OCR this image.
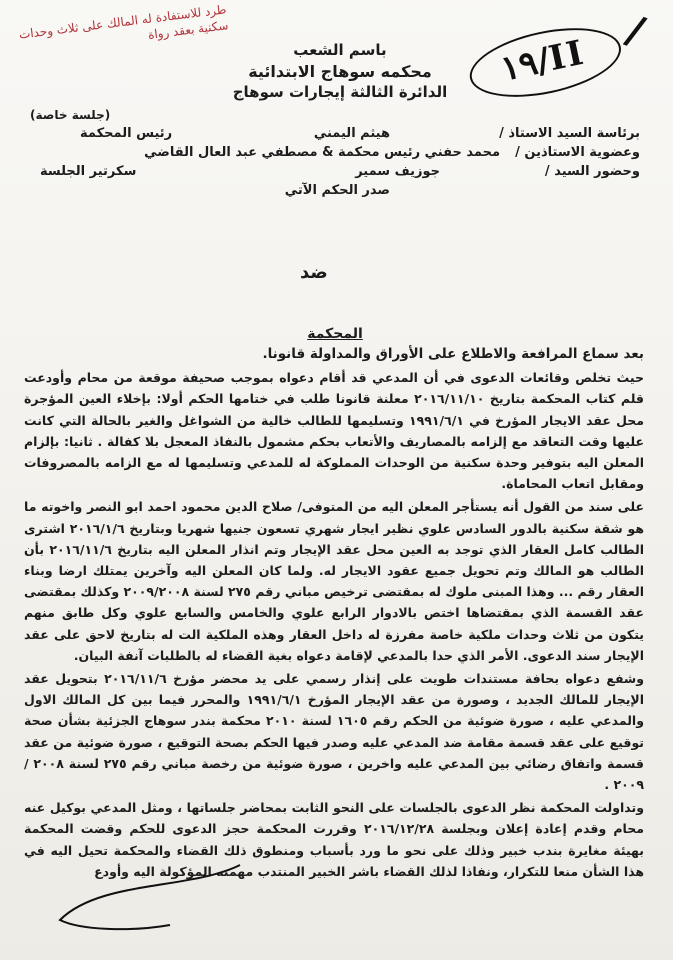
طرد للاستفادة له المالك على ثلاث وحدات سكنية بعقد رواة
١٩/II
/
باسم الشعب
محكمه سوهاج الابتدائية
الدائرة الثالثة إيجارات سوهاج
(جلسة خاصة)
برئاسة السيد الاستاذ /
هيثم اليمني
رئيس المحكمة
وعضوية الاستاذين /
محمد حفني رئيس محكمة & مصطفي عبد العال القاضي
وحضور السيد /
جوزيف سمير
سكرتير الجلسة
صدر الحكم الآتي
ضد
المحكمة

بعد سماع المرافعة والاطلاع على الأوراق والمداولة قانونا.

حيث تخلص وقائعات الدعوى في أن المدعي قد أقام دعواه بموجب صحيفة موقعة من محام وأودعت قلم كتاب المحكمة بتاريخ ٢٠١٦/١١/١٠ معلنة قانونا طلب في ختامها الحكم أولا: بإخلاء العين المؤجرة محل عقد الايجار المؤرخ في ١٩٩١/٦/١ وتسليمها للطالب خالية من الشواغل والغير بالحالة التي كانت عليها وقت التعاقد مع إلزامه بالمصاريف والأتعاب بحكم مشمول بالنفاذ المعجل بلا كفالة . ثانيا: بإلزام المعلن اليه بتوفير وحدة سكنية من الوحدات المملوكة له للمدعي وتسليمها له مع الزامه بالمصروفات ومقابل اتعاب المحاماة.

على سند من القول أنه يستأجر المعلن اليه من المتوفى/ صلاح الدين محمود احمد ابو النصر واخوته ما هو شقة سكنية بالدور السادس علوي نظير ايجار شهري تسعون جنيها شهريا وبتاريخ ٢٠١٦/١/٦ اشترى الطالب كامل العقار الذي توجد به العين محل عقد الإيجار وتم انذار المعلن اليه بتاريخ ٢٠١٦/١١/٦ بأن الطالب هو المالك وتم تحويل جميع عقود الايجار له. ولما كان المعلن اليه وآخرين يمتلك ارضا وبناء العقار رقم ... وهذا المبنى ملوك له بمقتضى ترخيص مباني رقم ٢٧٥ لسنة ٢٠٠٩/٢٠٠٨ وكذلك بمقتضى عقد القسمة الذي بمقتضاها اختص بالادوار الرابع علوي والخامس والسابع علوي وكل طابق منهم يتكون من ثلاث وحدات ملكية خاصة مفرزة له داخل العقار وهذه الملكية الت له بتاريخ لاحق على عقد الإيجار سند الدعوى. الأمر الذي حدا بالمدعي لإقامة دعواه بغية القضاء له بالطلبات آنفة البيان.

وشفع دعواه بحافة مستندات طويت على إنذار رسمي على يد محضر مؤرخ ٢٠١٦/١١/٦ بتحويل عقد الإيجار للمالك الجديد ، وصورة من عقد الإيجار المؤرخ ١٩٩١/٦/١ والمحرر فيما بين كل المالك الاول والمدعي عليه ، صورة ضوئية من الحكم رقم ١٦٠٥ لسنة ٢٠١٠ محكمة بندر سوهاج الجزئية بشأن صحة توقيع على عقد قسمة مقامة ضد المدعي عليه وصدر فيها الحكم بصحة التوقيع ، صورة ضوئية من عقد قسمة واتفاق رضائي بين المدعي عليه واخرين ، صورة ضوئية من رخصة مباني رقم ٢٧٥ لسنة ٢٠٠٨ / ٢٠٠٩ .

وتداولت المحكمة نظر الدعوى بالجلسات على النحو الثابت بمحاضر جلساتها ، ومثل المدعي بوكيل عنه محام وقدم إعادة إعلان وبجلسة ٢٠١٦/١٢/٢٨ وقررت المحكمة حجز الدعوى للحكم وقضت المحكمة بهيئة مغايرة بندب خبير وذلك على نحو ما ورد بأسباب ومنطوق ذلك القضاء والمحكمة تحيل اليه في هذا الشأن منعا للتكرار، ونفاذا لذلك القضاء باشر الخبير المنتدب مهمته المؤكولة اليه وأودع
